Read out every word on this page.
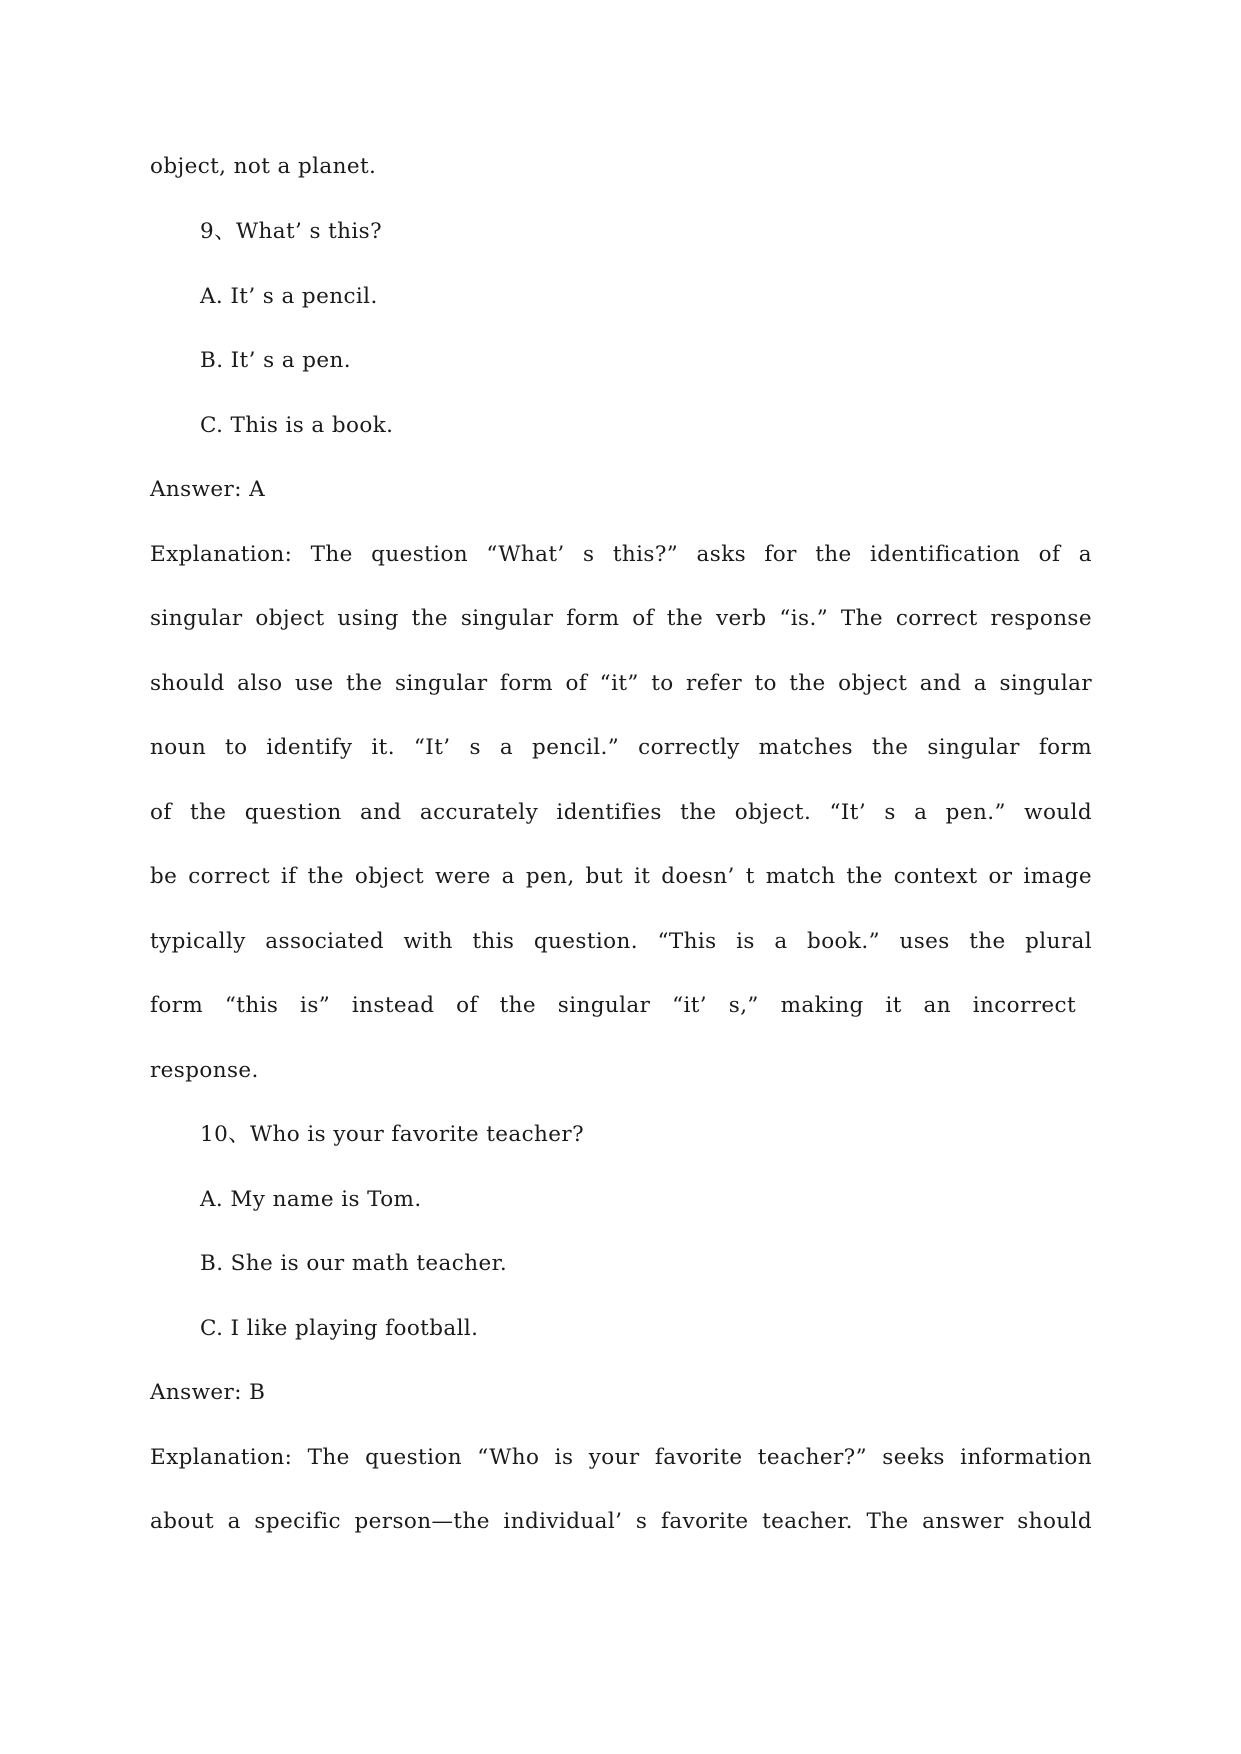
object, not a planet.
9、What’ s this?
A. It’ s a pencil.
B. It’ s a pen.
C. This is a book.
Answer: A
Explanation: The question “What’ s this?” asks for the identification of a
singular object using the singular form of the verb “is.” The correct response
should also use the singular form of “it” to refer to the object and a singular
noun to identify it. “It’ s a pencil.” correctly matches the singular form
of the question and accurately identifies the object. “It’ s a pen.” would
be correct if the object were a pen, but it doesn’ t match the context or image
typically associated with this question. “This is a book.” uses the plural
form “this is” instead of the singular “it’ s,” making it an incorrect
response.
10、Who is your favorite teacher?
A. My name is Tom.
B. She is our math teacher.
C. I like playing football.
Answer: B
Explanation: The question “Who is your favorite teacher?” seeks information
about a specific person—the individual’ s favorite teacher. The answer should
